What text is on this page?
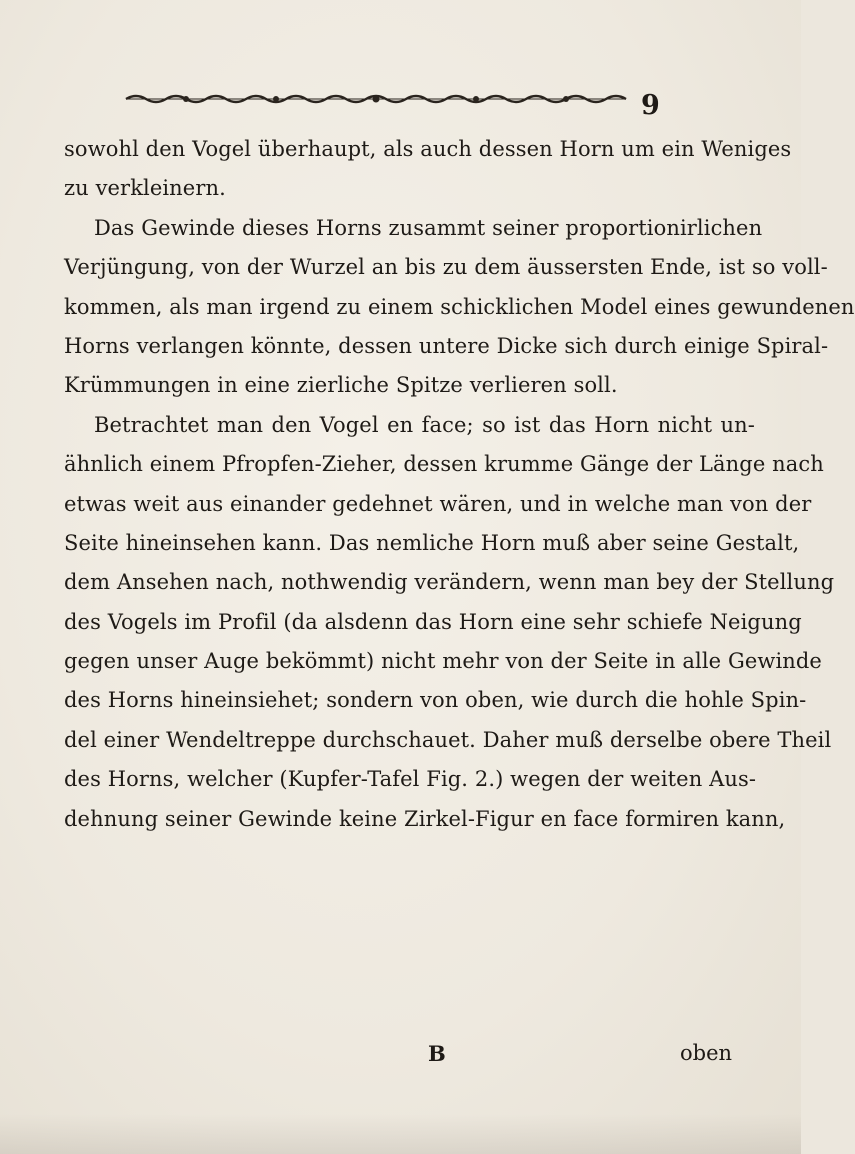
9
sowohl den Vogel überhaupt, als auch dessen Horn um ein Weniges
zu verkleinern.
Das Gewinde dieses Horns zusammt seiner proportionirlichen
Verjüngung, von der Wurzel an bis zu dem äussersten Ende, ist so voll-
kommen, als man irgend zu einem schicklichen Model eines gewundenen
Horns verlangen könnte, dessen untere Dicke sich durch einige Spiral-
Krümmungen in eine zierliche Spitze verlieren soll.
Betrachtet man den Vogel en face; so ist das Horn nicht un-
ähnlich einem Pfropfen-Zieher, dessen krumme Gänge der Länge nach
etwas weit aus einander gedehnet wären, und in welche man von der
Seite hineinsehen kann. Das nemliche Horn muß aber seine Gestalt,
dem Ansehen nach, nothwendig verändern, wenn man bey der Stellung
des Vogels im Profil (da alsdenn das Horn eine sehr schiefe Neigung
gegen unser Auge bekömmt) nicht mehr von der Seite in alle Gewinde
des Horns hineinsiehet; sondern von oben, wie durch die hohle Spin-
del einer Wendeltreppe durchschauet. Daher muß derselbe obere Theil
des Horns, welcher (Kupfer-Tafel Fig. 2.) wegen der weiten Aus-
dehnung seiner Gewinde keine Zirkel-Figur en face formiren kann,
B	oben
